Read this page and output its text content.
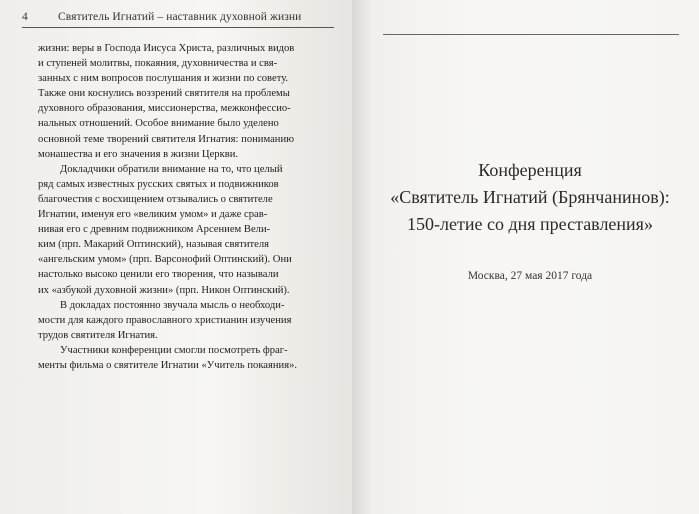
4	Святитель Игнатий – наставник духовной жизни
жизни: веры в Господа Иисуса Христа, различных видов
и ступеней молитвы, покаяния, духовничества и свя-
занных с ним вопросов послушания и жизни по совету.
Также они коснулись воззрений святителя на проблемы
духовного образования, миссионерства, межконфессио-
нальных отношений. Особое внимание было уделено
основной теме творений святителя Игнатия: пониманию
монашества и его значения в жизни Церкви.
Докладчики обратили внимание на то, что целый
ряд самых известных русских святых и подвижников
благочестия с восхищением отзывались о святителе
Игнатии, именуя его «великим умом» и даже срав-
нивая его с древним подвижником Арсением Вели-
ким (прп. Макарий Оптинский), называя святителя
«ангельским умом» (прп. Варсонофий Оптинский). Они
настолько высоко ценили его творения, что называли
их «азбукой духовной жизни» (прп. Никон Оптинский).
В докладах постоянно звучала мысль о необходи-
мости для каждого православного христианин изучения
трудов святителя Игнатия.
Участники конференции смогли посмотреть фраг-
менты фильма о святителе Игнатии «Учитель покаяния».
Конференция
«Святитель Игнатий (Брянчанинов):
150-летие со дня преставления»
Москва, 27 мая 2017 года
